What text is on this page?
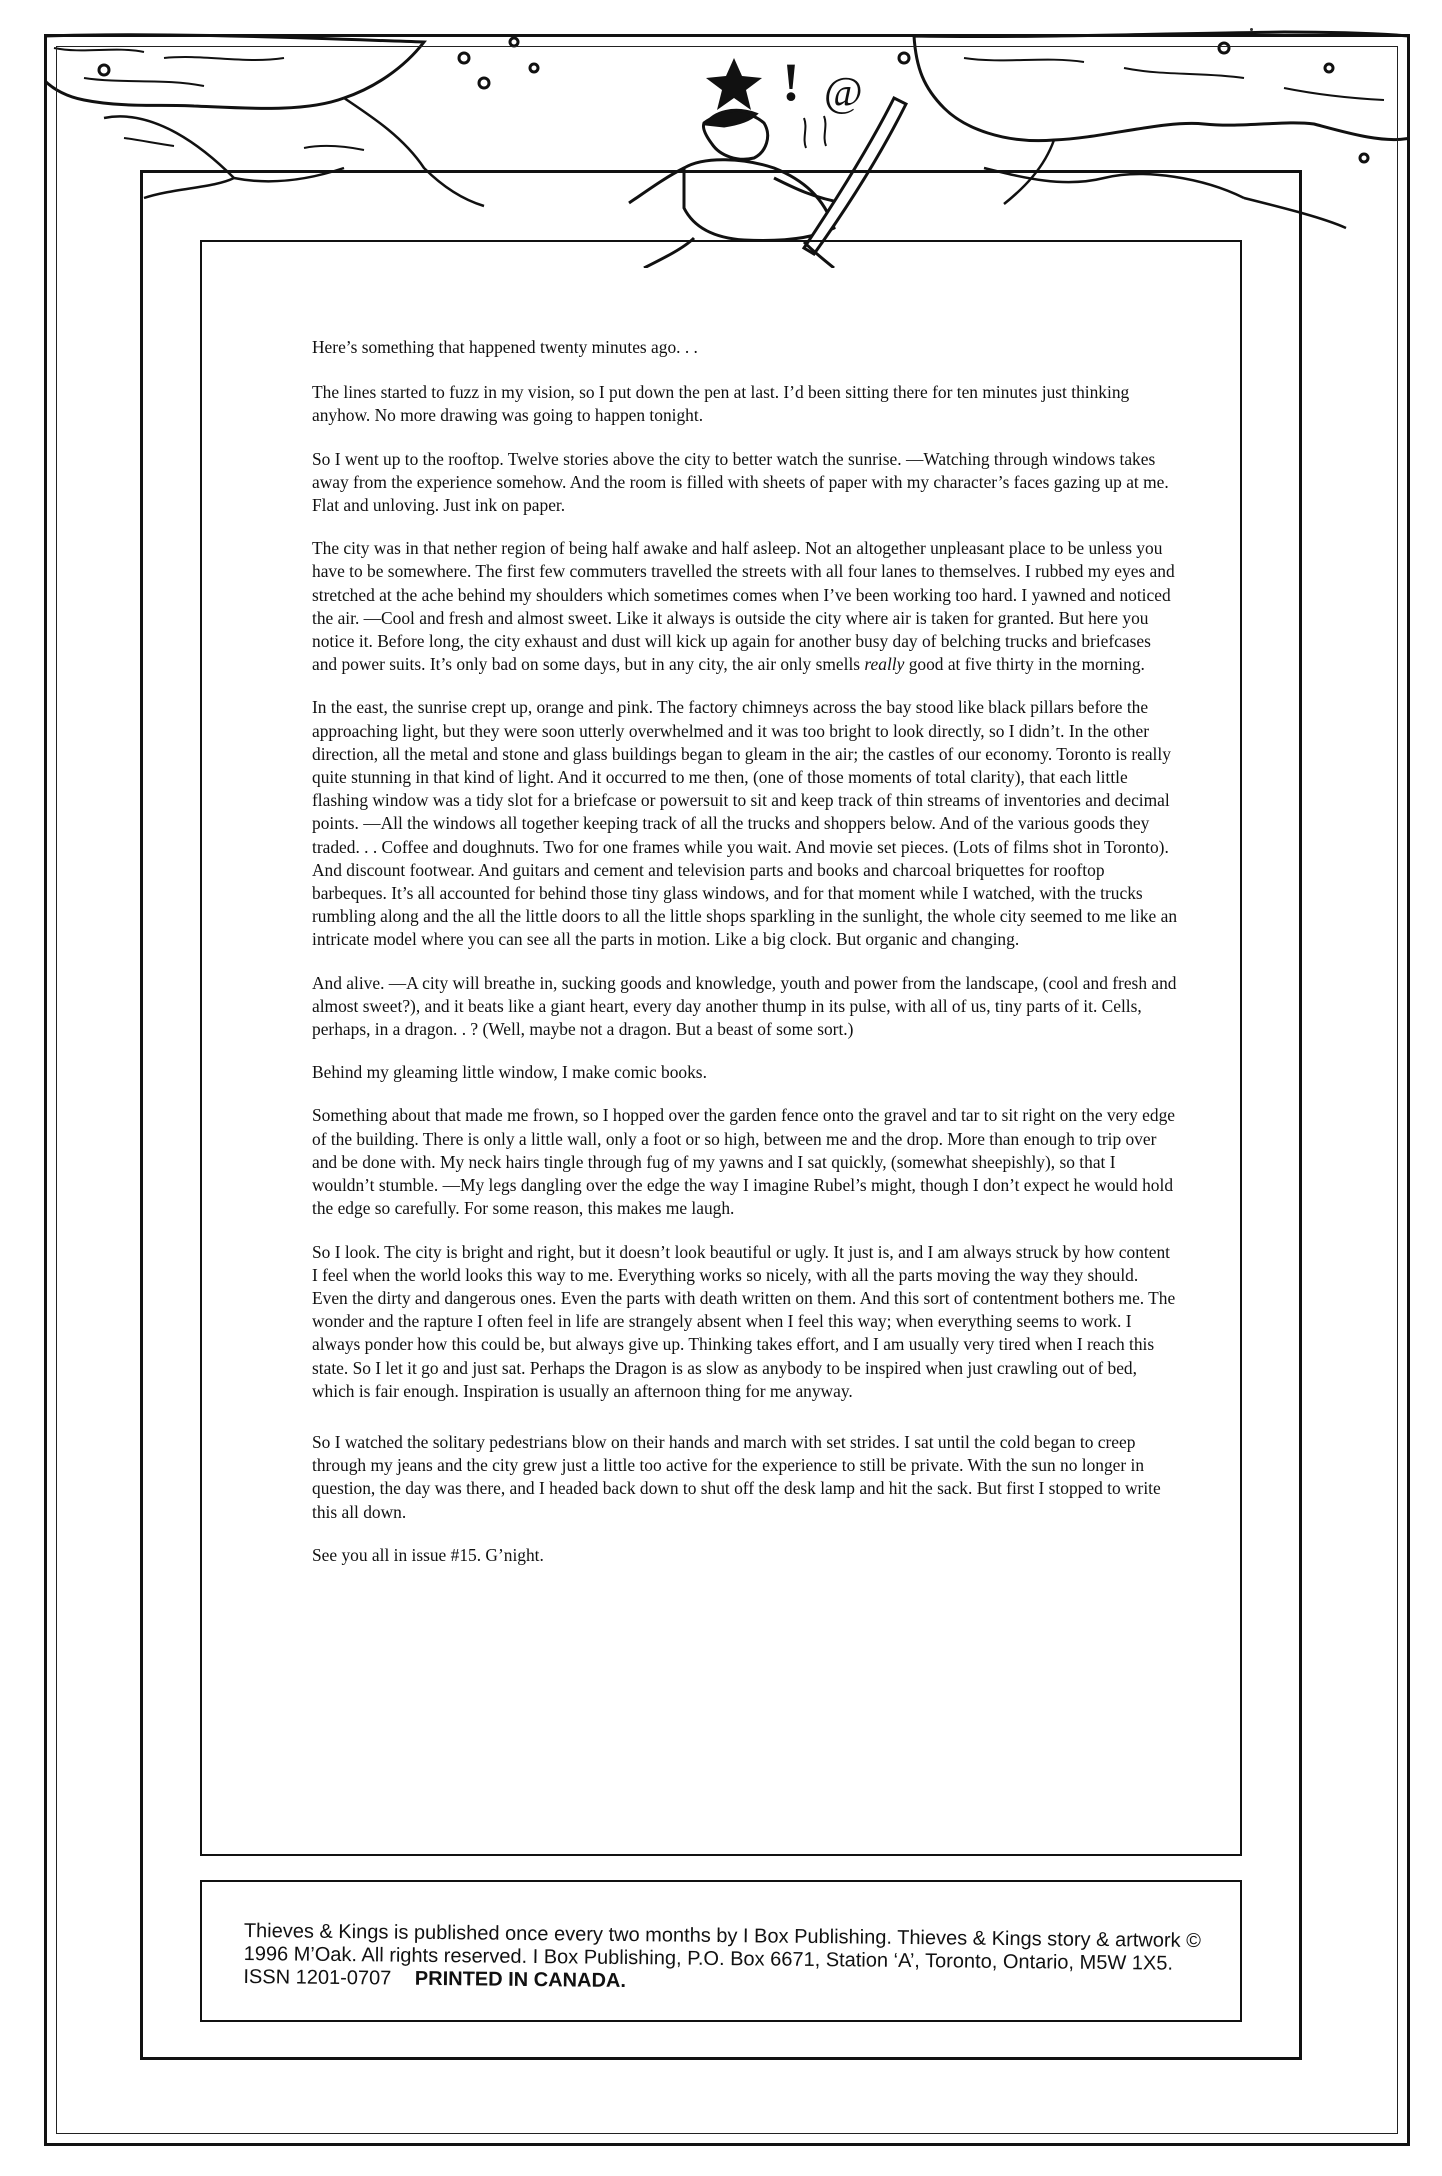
! @

Here’s something that happened twenty minutes ago. . .

The lines started to fuzz in my vision, so I put down the pen at last. I’d been sitting there for ten minutes just thinking anyhow. No more drawing was going to happen tonight.

So I went up to the rooftop. Twelve stories above the city to better watch the sunrise. —Watching through windows takes away from the experience somehow. And the room is filled with sheets of paper with my character’s faces gazing up at me. Flat and unloving. Just ink on paper.

The city was in that nether region of being half awake and half asleep. Not an altogether unpleasant place to be unless you have to be somewhere. The first few commuters travelled the streets with all four lanes to themselves. I rubbed my eyes and stretched at the ache behind my shoulders which sometimes comes when I’ve been working too hard. I yawned and noticed the air. —Cool and fresh and almost sweet. Like it always is outside the city where air is taken for granted. But here you notice it. Before long, the city exhaust and dust will kick up again for another busy day of belching trucks and briefcases and power suits. It’s only bad on some days, but in any city, the air only smells really good at five thirty in the morning.

In the east, the sunrise crept up, orange and pink. The factory chimneys across the bay stood like black pillars before the approaching light, but they were soon utterly overwhelmed and it was too bright to look directly, so I didn’t. In the other direction, all the metal and stone and glass buildings began to gleam in the air; the castles of our economy. Toronto is really quite stunning in that kind of light. And it occurred to me then, (one of those moments of total clarity), that each little flashing window was a tidy slot for a briefcase or powersuit to sit and keep track of thin streams of inventories and decimal points. —All the windows all together keeping track of all the trucks and shoppers below. And of the various goods they traded. . . Coffee and doughnuts. Two for one frames while you wait. And movie set pieces. (Lots of films shot in Toronto). And discount footwear. And guitars and cement and television parts and books and charcoal briquettes for rooftop barbeques. It’s all accounted for behind those tiny glass windows, and for that moment while I watched, with the trucks rumbling along and the all the little doors to all the little shops sparkling in the sunlight, the whole city seemed to me like an intricate model where you can see all the parts in motion. Like a big clock. But organic and changing.

And alive. —A city will breathe in, sucking goods and knowledge, youth and power from the landscape, (cool and fresh and almost sweet?), and it beats like a giant heart, every day another thump in its pulse, with all of us, tiny parts of it. Cells, perhaps, in a dragon. . ? (Well, maybe not a dragon. But a beast of some sort.)

Behind my gleaming little window, I make comic books.

Something about that made me frown, so I hopped over the garden fence onto the gravel and tar to sit right on the very edge of the building. There is only a little wall, only a foot or so high, between me and the drop. More than enough to trip over and be done with. My neck hairs tingle through fug of my yawns and I sat quickly, (somewhat sheepishly), so that I wouldn’t stumble. —My legs dangling over the edge the way I imagine Rubel’s might, though I don’t expect he would hold the edge so carefully. For some reason, this makes me laugh.

So I look. The city is bright and right, but it doesn’t look beautiful or ugly. It just is, and I am always struck by how content I feel when the world looks this way to me. Everything works so nicely, with all the parts moving the way they should. Even the dirty and dangerous ones. Even the parts with death written on them. And this sort of contentment bothers me. The wonder and the rapture I often feel in life are strangely absent when I feel this way; when everything seems to work. I always ponder how this could be, but always give up. Thinking takes effort, and I am usually very tired when I reach this state. So I let it go and just sat. Perhaps the Dragon is as slow as anybody to be inspired when just crawling out of bed, which is fair enough. Inspiration is usually an afternoon thing for me anyway.

So I watched the solitary pedestrians blow on their hands and march with set strides. I sat until the cold began to creep through my jeans and the city grew just a little too active for the experience to still be private. With the sun no longer in question, the day was there, and I headed back down to shut off the desk lamp and hit the sack. But first I stopped to write this all down.

See you all in issue #15. G’night.

Thieves & Kings is published once every two months by I Box Publishing. Thieves & Kings story & artwork © 1996 M’Oak. All rights reserved. I Box Publishing, P.O. Box 6671, Station ‘A’, Toronto, Ontario, M5W 1X5. ISSN 1201-0707 PRINTED IN CANADA.
